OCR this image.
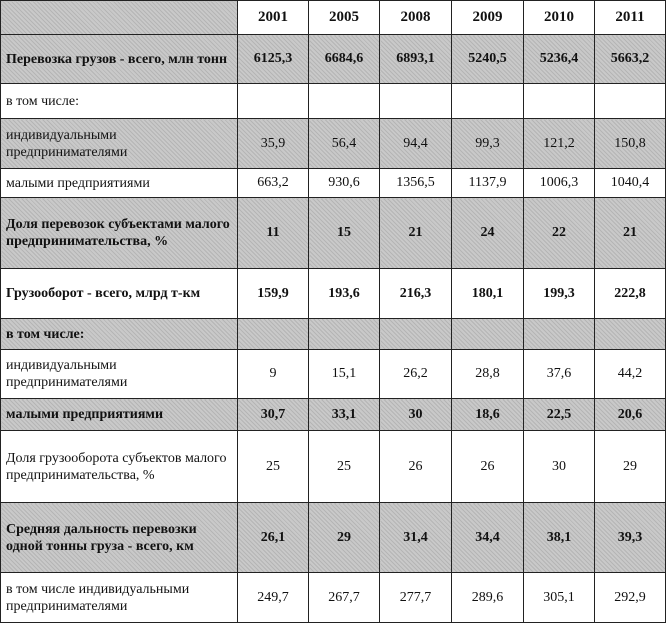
	2001	2005	2008	2009	2010	2011
Перевозка грузов - всего, млн тонн	6125,3	6684,6	6893,1	5240,5	5236,4	5663,2
в том числе:						
индивидуальными предпринимателями	35,9	56,4	94,4	99,3	121,2	150,8
малыми предприятиями	663,2	930,6	1356,5	1137,9	1006,3	1040,4
Доля перевозок субъектами малого предпринимательства, %	11	15	21	24	22	21
Грузооборот - всего, млрд т-км	159,9	193,6	216,3	180,1	199,3	222,8
в том числе:						
индивидуальными предпринимателями	9	15,1	26,2	28,8	37,6	44,2
малыми предприятиями	30,7	33,1	30	18,6	22,5	20,6
Доля грузооборота субъектов малого предпринимательства, %	25	25	26	26	30	29
Средняя дальность перевозки одной тонны груза - всего, км	26,1	29	31,4	34,4	38,1	39,3
в том числе индивидуальными предпринимателями	249,7	267,7	277,7	289,6	305,1	292,9
